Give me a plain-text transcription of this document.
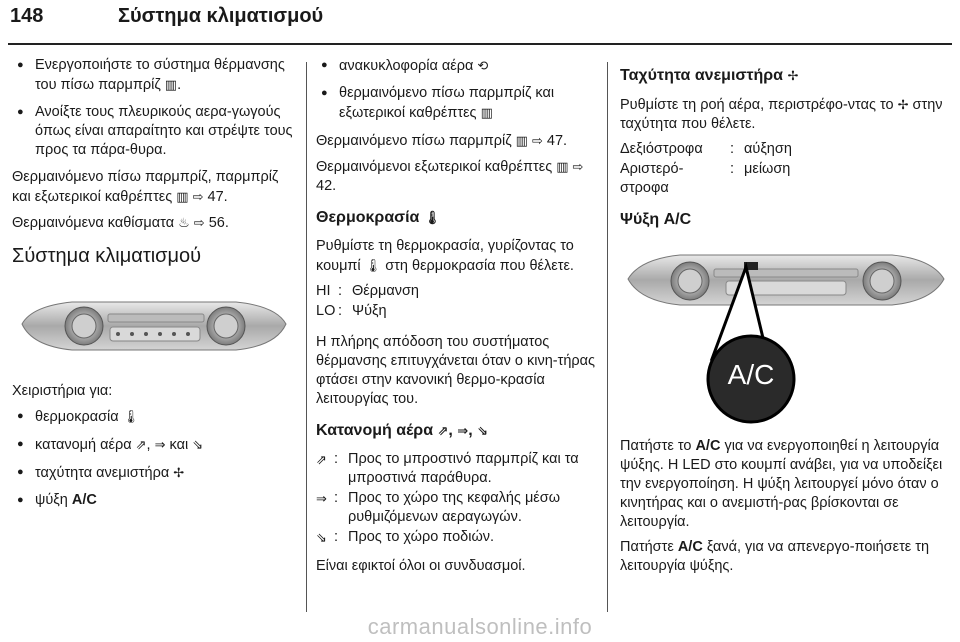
148	Σύστημα κλιματισμού
● Ενεργοποιήστε το σύστημα θέρμανσης του πίσω παρμπρίζ ▥.
● Ανοίξτε τους πλευρικούς αερα-γωγούς όπως είναι απαραίτητο και στρέψτε τους προς τα πάρα-θυρα.

Θερμαινόμενο πίσω παρμπρίζ, παρμπρίζ και εξωτερικοί καθρέπτες ▥ ⇨ 47.

Θερμαινόμενα καθίσματα ♨ ⇨ 56.

Σύστημα κλιματισμού

Χειριστήρια για:

● θερμοκρασία 🌡
● κατανομή αέρα ⇗, ⇒ και ⇘
● ταχύτητα ανεμιστήρα ✢
● ψύξη A/C
● ανακυκλοφορία αέρα ⟲
● θερμαινόμενο πίσω παρμπρίζ και εξωτερικοί καθρέπτες ▥

Θερμαινόμενο πίσω παρμπρίζ ▥ ⇨ 47.

Θερμαινόμενοι εξωτερικοί καθρέπτες ▥ ⇨ 42.

Θερμοκρασία 🌡

Ρυθμίστε τη θερμοκρασία, γυρίζοντας το κουμπί 🌡 στη θερμοκρασία που θέλετε.

HI : Θέρμανση
LO : Ψύξη

Η πλήρης απόδοση του συστήματος θέρμανσης επιτυγχάνεται όταν ο κινη-τήρας φτάσει στην κανονική θερμο-κρασία λειτουργίας του.

Κατανομή αέρα ⇗, ⇒, ⇘
⇗ : Προς το μπροστινό παρμπρίζ και τα μπροστινά παράθυρα.
⇒ : Προς το χώρο της κεφαλής μέσω ρυθμιζόμενων αεραγωγών.
⇘ : Προς το χώρο ποδιών.

Είναι εφικτοί όλοι οι συνδυασμοί.

Ταχύτητα ανεμιστήρα ✢

Ρυθμίστε τη ροή αέρα, περιστρέφο-ντας το ✢ στην ταχύτητα που θέλετε.

Δεξιόστροφα	: αύξηση
Αριστερό-στροφα
: μείωση
Ψύξη A/C
A/C

Πατήστε το A/C για να ενεργοποιηθεί η λειτουργία ψύξης. Η LED στο κουμπί ανάβει, για να υποδείξει την ενεργοποίηση. Η ψύξη λειτουργεί μόνο όταν ο κινητήρας και ο ανεμιστή-ρας βρίσκονται σε λειτουργία.

Πατήστε A/C ξανά, για να απενεργο-ποιήσετε τη λειτουργία ψύξης.

carmanualsonline.info
